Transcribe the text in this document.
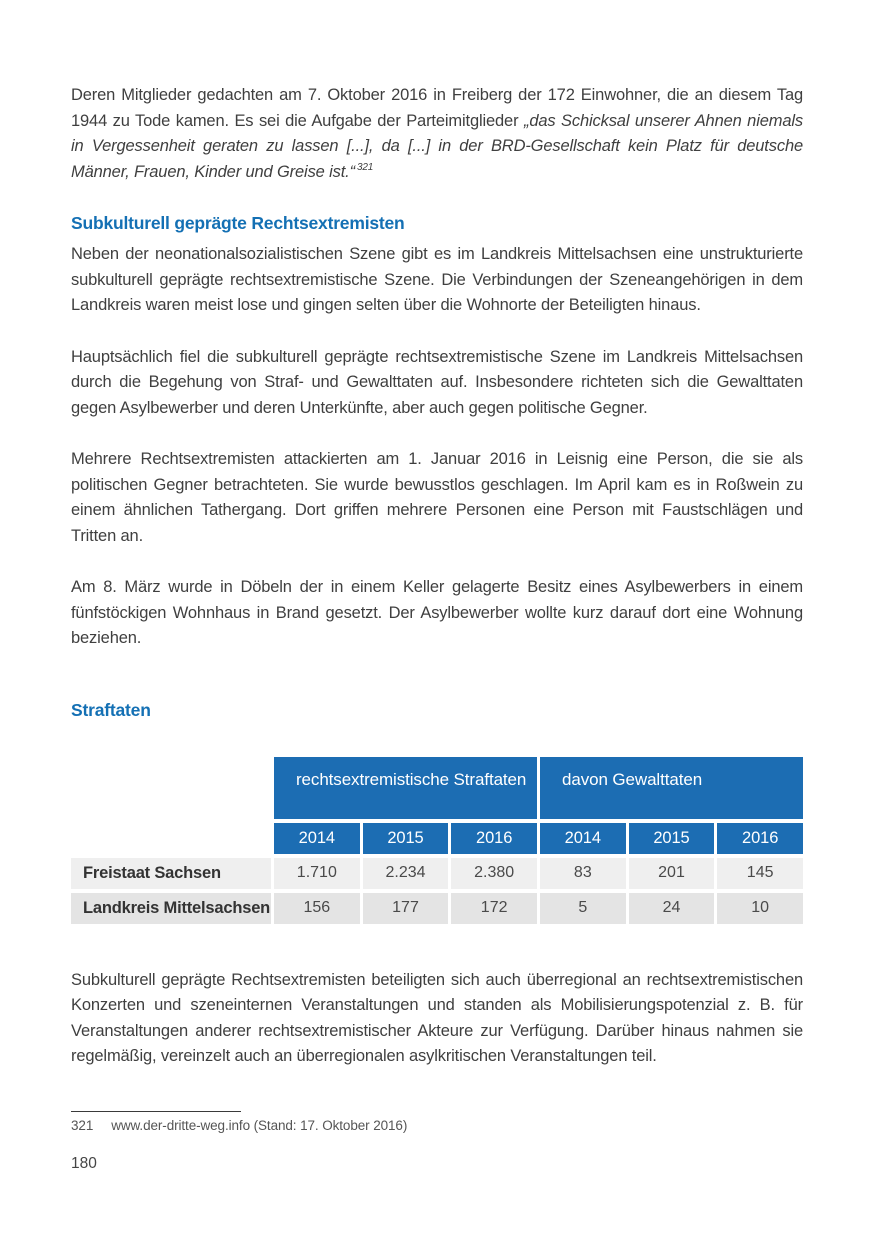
Deren Mitglieder gedachten am 7. Oktober 2016 in Freiberg der 172 Einwohner, die an diesem Tag 1944 zu Tode kamen. Es sei die Aufgabe der Parteimitglieder „das Schicksal unserer Ahnen niemals in Vergessenheit geraten zu lassen [...], da [...] in der BRD-Gesellschaft kein Platz für deutsche Männer, Frauen, Kinder und Greise ist.“ $^{321}$

Subkulturell geprägte Rechtsextremisten

Neben der neonationalsozialistischen Szene gibt es im Landkreis Mittelsachsen eine unstrukturierte subkulturell geprägte rechtsextremistische Szene. Die Verbindungen der Szeneangehörigen in dem Landkreis waren meist lose und gingen selten über die Wohnorte der Beteiligten hinaus.

Hauptsächlich fiel die subkulturell geprägte rechtsextremistische Szene im Landkreis Mittelsachsen durch die Begehung von Straf- und Gewalttaten auf. Insbesondere richteten sich die Gewalttaten gegen Asylbewerber und deren Unterkünfte, aber auch gegen politische Gegner.

Mehrere Rechtsextremisten attackierten am 1. Januar 2016 in Leisnig eine Person, die sie als politischen Gegner betrachteten. Sie wurde bewusstlos geschlagen. Im April kam es in Roßwein zu einem ähnlichen Tathergang. Dort griffen mehrere Personen eine Person mit Faustschlägen und Tritten an.

Am 8. März wurde in Döbeln der in einem Keller gelagerte Besitz eines Asylbewerbers in einem fünfstöckigen Wohnhaus in Brand gesetzt. Der Asylbewerber wollte kurz darauf dort eine Wohnung beziehen.

Straftaten
rechtsextremistische Straftaten	davon Gewalttaten
2014	2015	2016	2014	2015	2016
Freistaat Sachsen	1.710	2.234	2.380	83	201	145
Landkreis Mittelsachsen	156	177	172	5	24	10

Subkulturell geprägte Rechtsextremisten beteiligten sich auch überregional an rechtsextremistischen Konzerten und szeneinternen Veranstaltungen und standen als Mobilisierungspotenzial z. B. für Veranstaltungen anderer rechtsextremistischer Akteure zur Verfügung. Darüber hinaus nahmen sie regelmäßig, vereinzelt auch an überregionalen asylkritischen Veranstaltungen teil.

321 www.der-dritte-weg.info (Stand: 17. Oktober 2016)
180
